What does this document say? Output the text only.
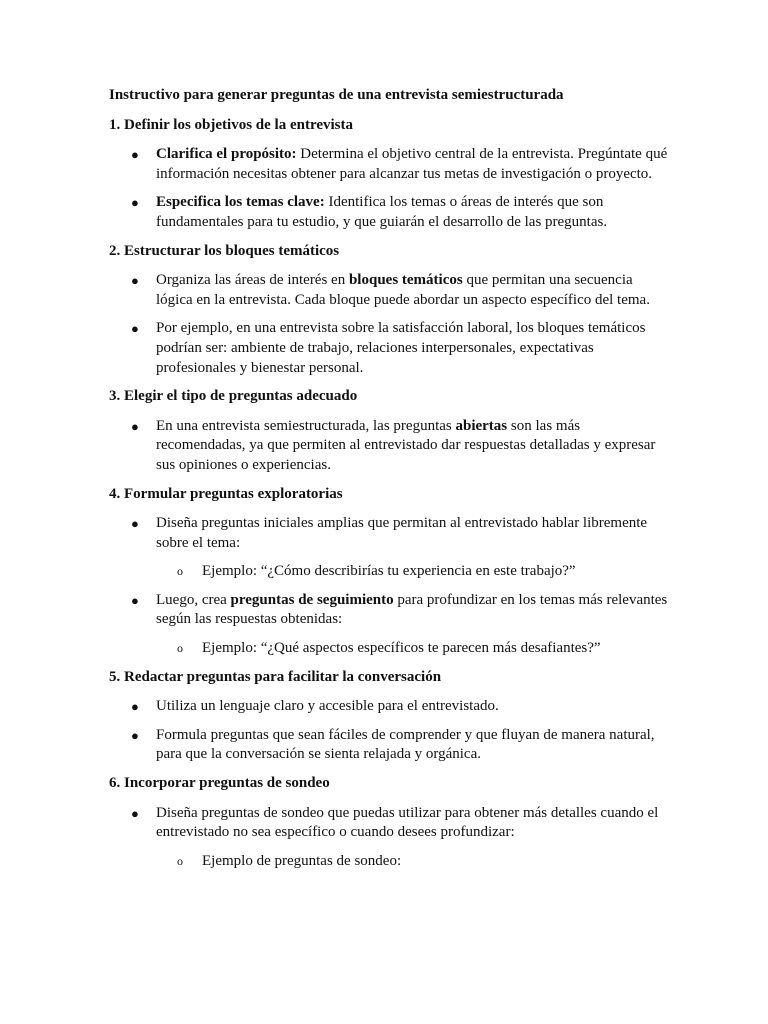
Instructivo para generar preguntas de una entrevista semiestructurada

1. Definir los objetivos de la entrevista

● Clarifica el propósito: Determina el objetivo central de la entrevista. Pregúntate qué información necesitas obtener para alcanzar tus metas de investigación o proyecto.
● Especifica los temas clave: Identifica los temas o áreas de interés que son fundamentales para tu estudio, y que guiarán el desarrollo de las preguntas.

2. Estructurar los bloques temáticos

● Organiza las áreas de interés en bloques temáticos que permitan una secuencia lógica en la entrevista. Cada bloque puede abordar un aspecto específico del tema.
● Por ejemplo, en una entrevista sobre la satisfacción laboral, los bloques temáticos podrían ser: ambiente de trabajo, relaciones interpersonales, expectativas profesionales y bienestar personal.

3. Elegir el tipo de preguntas adecuado

● En una entrevista semiestructurada, las preguntas abiertas son las más recomendadas, ya que permiten al entrevistado dar respuestas detalladas y expresar sus opiniones o experiencias.

4. Formular preguntas exploratorias

● Diseña preguntas iniciales amplias que permitan al entrevistado hablar libremente sobre el tema:
o Ejemplo: “¿Cómo describirías tu experiencia en este trabajo?”
● Luego, crea preguntas de seguimiento para profundizar en los temas más relevantes según las respuestas obtenidas:
o Ejemplo: “¿Qué aspectos específicos te parecen más desafiantes?”

5. Redactar preguntas para facilitar la conversación

● Utiliza un lenguaje claro y accesible para el entrevistado.
● Formula preguntas que sean fáciles de comprender y que fluyan de manera natural, para que la conversación se sienta relajada y orgánica.

6. Incorporar preguntas de sondeo

● Diseña preguntas de sondeo que puedas utilizar para obtener más detalles cuando el entrevistado no sea específico o cuando desees profundizar:
o Ejemplo de preguntas de sondeo:
